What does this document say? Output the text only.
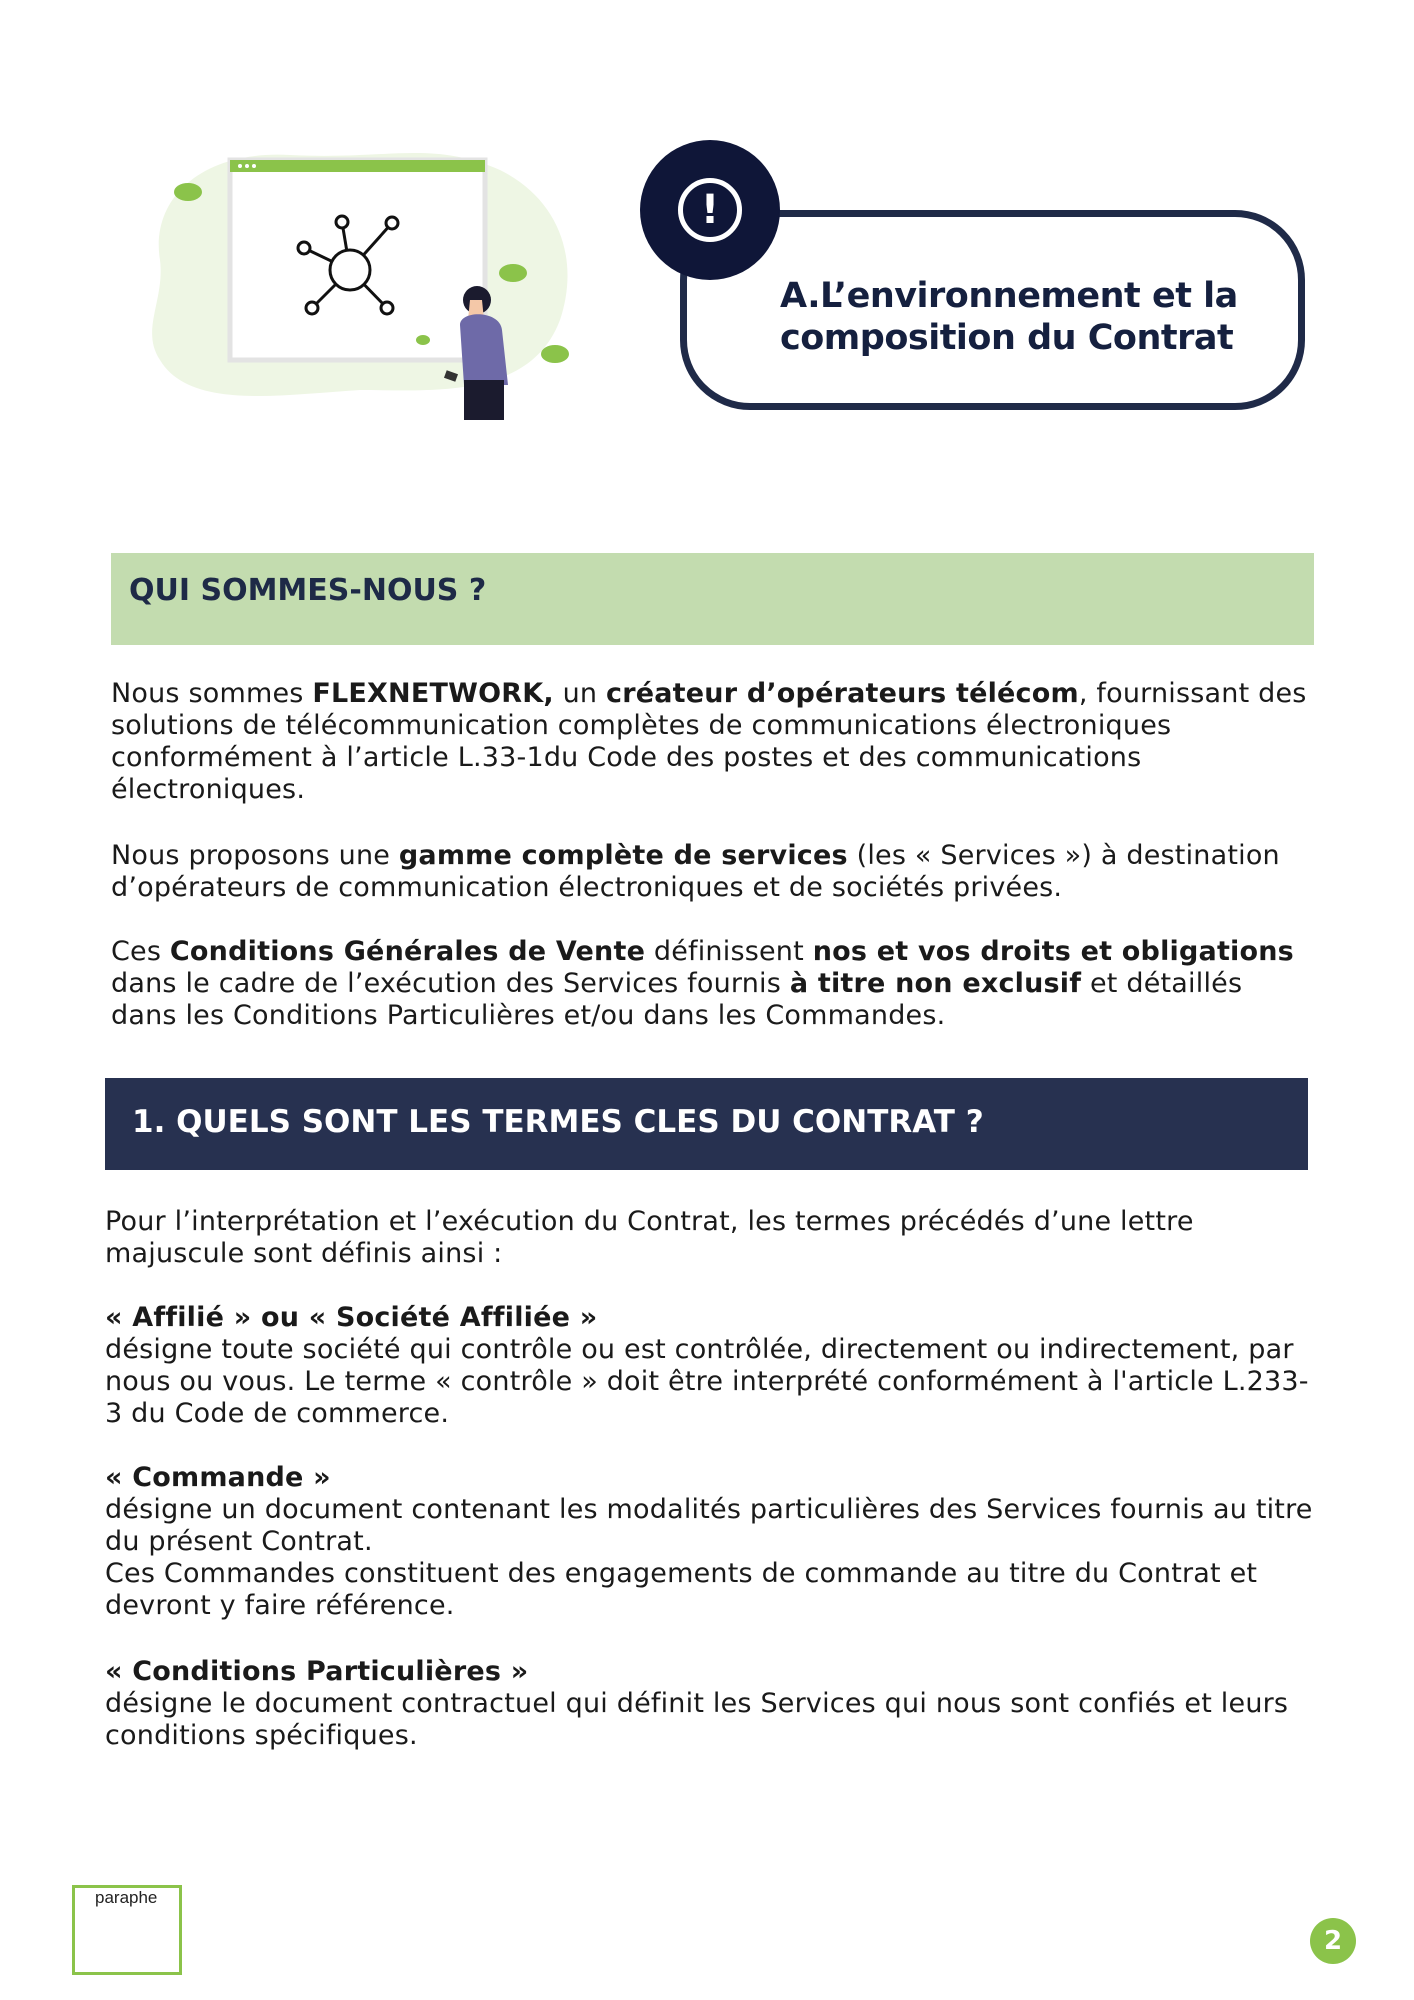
!
A.L’environnement et la
composition du Contrat
QUI SOMMES-NOUS ?

Nous sommes FLEXNETWORK, un créateur d’opérateurs télécom, fournissant des solutions de télécommunication complètes de communications électroniques conformément à l’article L.33-1du Code des postes et des communications électroniques.

Nous proposons une gamme complète de services (les « Services ») à destination d’opérateurs de communication électroniques et de sociétés privées.

Ces Conditions Générales de Vente définissent nos et vos droits et obligations dans le cadre de l’exécution des Services fournis à titre non exclusif et détaillés dans les Conditions Particulières et/ou dans les Commandes.

1. QUELS SONT LES TERMES CLES DU CONTRAT ?

Pour l’interprétation et l’exécution du Contrat, les termes précédés d’une lettre majuscule sont définis ainsi :

« Affilié » ou « Société Affiliée »
désigne toute société qui contrôle ou est contrôlée, directement ou indirectement, par nous ou vous. Le terme « contrôle » doit être interprété conformément à l'article L.233-3 du Code de commerce.
« Commande »
désigne un document contenant les modalités particulières des Services fournis au titre du présent Contrat.
Ces Commandes constituent des engagements de commande au titre du Contrat et devront y faire référence.
« Conditions Particulières »
désigne le document contractuel qui définit les Services qui nous sont confiés et leurs conditions spécifiques.
paraphe
2
